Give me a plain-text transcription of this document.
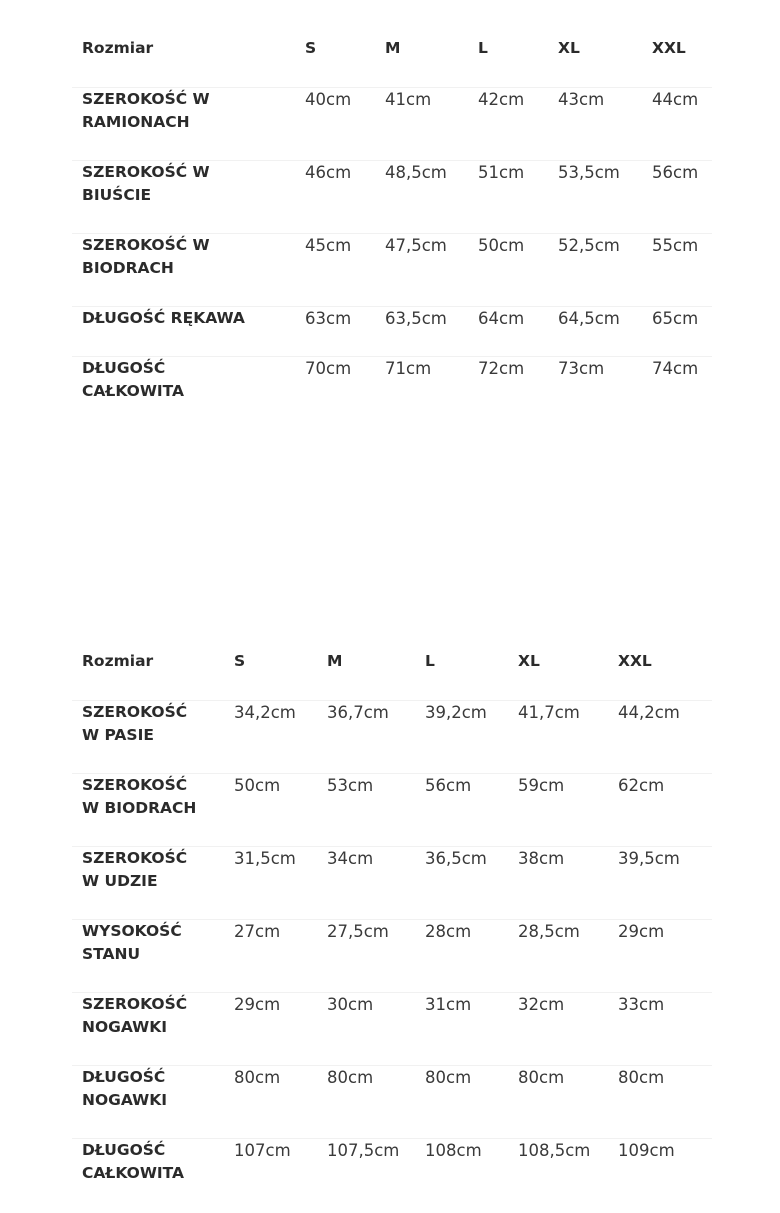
Rozmiar	S	M	L	XL	XXL
SZEROKOŚĆ W
RAMIONACH	40cm	41cm	42cm	43cm	44cm
SZEROKOŚĆ W
BIUŚCIE	46cm	48,5cm	51cm	53,5cm	56cm
SZEROKOŚĆ W
BIODRACH	45cm	47,5cm	50cm	52,5cm	55cm
DŁUGOŚĆ RĘKAWA	63cm	63,5cm	64cm	64,5cm	65cm
DŁUGOŚĆ
CAŁKOWITA	70cm	71cm	72cm	73cm	74cm
Rozmiar	S	M	L	XL	XXL
SZEROKOŚĆ
W PASIE	34,2cm	36,7cm	39,2cm	41,7cm	44,2cm
SZEROKOŚĆ
W BIODRACH	50cm	53cm	56cm	59cm	62cm
SZEROKOŚĆ
W UDZIE	31,5cm	34cm	36,5cm	38cm	39,5cm
WYSOKOŚĆ
STANU	27cm	27,5cm	28cm	28,5cm	29cm
SZEROKOŚĆ
NOGAWKI	29cm	30cm	31cm	32cm	33cm
DŁUGOŚĆ
NOGAWKI	80cm	80cm	80cm	80cm	80cm
DŁUGOŚĆ
CAŁKOWITA	107cm	107,5cm	108cm	108,5cm	109cm
